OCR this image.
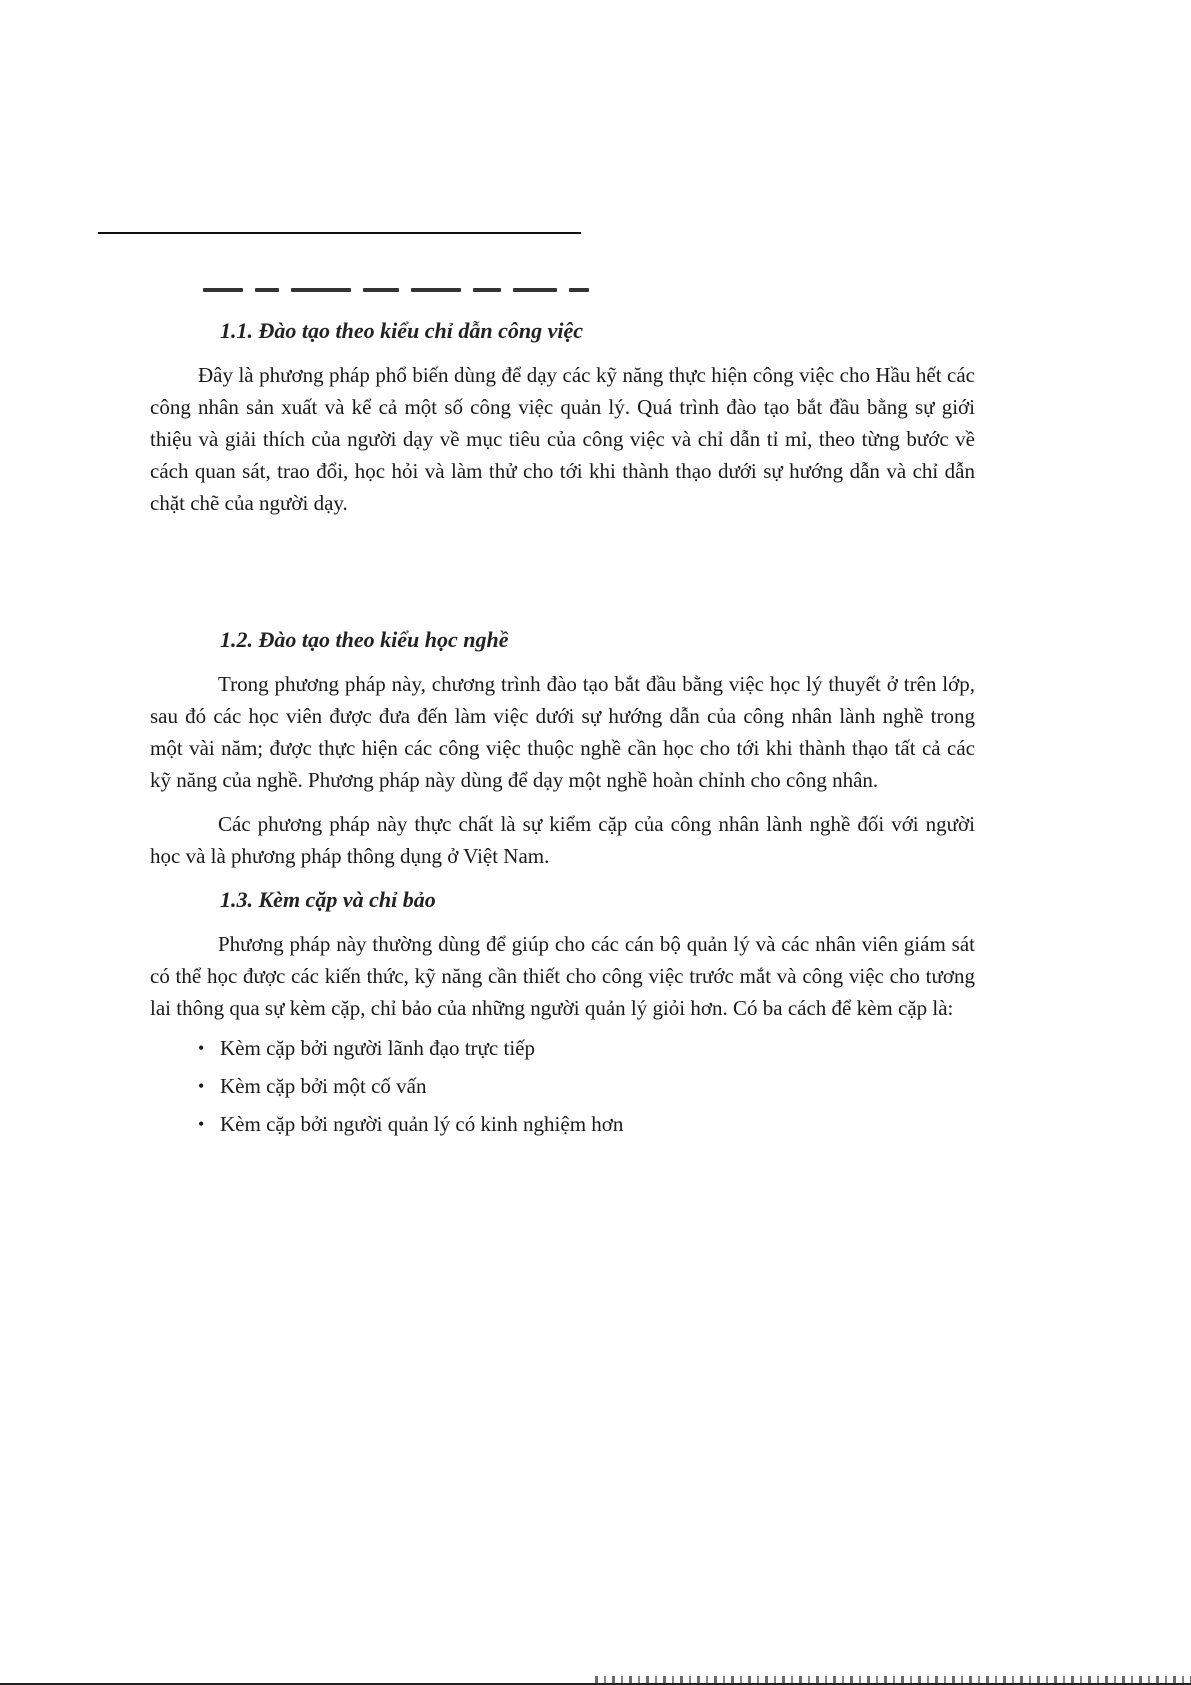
1.1. Đào tạo theo kiểu chỉ dẫn công việc

Đây là phương pháp phổ biến dùng để dạy các kỹ năng thực hiện công việc cho Hầu hết các công nhân sản xuất và kể cả một số công việc quản lý. Quá trình đào tạo bắt đầu bằng sự giới thiệu và giải thích của người dạy về mục tiêu của công việc và chỉ dẫn tỉ mỉ, theo từng bước về cách quan sát, trao đổi, học hỏi và làm thử cho tới khi thành thạo dưới sự hướng dẫn và chỉ dẫn chặt chẽ của người dạy.

1.2. Đào tạo theo kiểu học nghề

Trong phương pháp này, chương trình đào tạo bắt đầu bằng việc học lý thuyết ở trên lớp, sau đó các học viên được đưa đến làm việc dưới sự hướng dẫn của công nhân lành nghề trong một vài năm; được thực hiện các công việc thuộc nghề cần học cho tới khi thành thạo tất cả các kỹ năng của nghề. Phương pháp này dùng để dạy một nghề hoàn chỉnh cho công nhân.

Các phương pháp này thực chất là sự kiểm cặp của công nhân lành nghề đối với người học và là phương pháp thông dụng ở Việt Nam.

1.3. Kèm cặp và chỉ bảo

Phương pháp này thường dùng để giúp cho các cán bộ quản lý và các nhân viên giám sát có thể học được các kiến thức, kỹ năng cần thiết cho công việc trước mắt và công việc cho tương lai thông qua sự kèm cặp, chỉ bảo của những người quản lý giỏi hơn. Có ba cách để kèm cặp là:

• Kèm cặp bởi người lãnh đạo trực tiếp
• Kèm cặp bởi một cố vấn
• Kèm cặp bởi người quản lý có kinh nghiệm hơn
